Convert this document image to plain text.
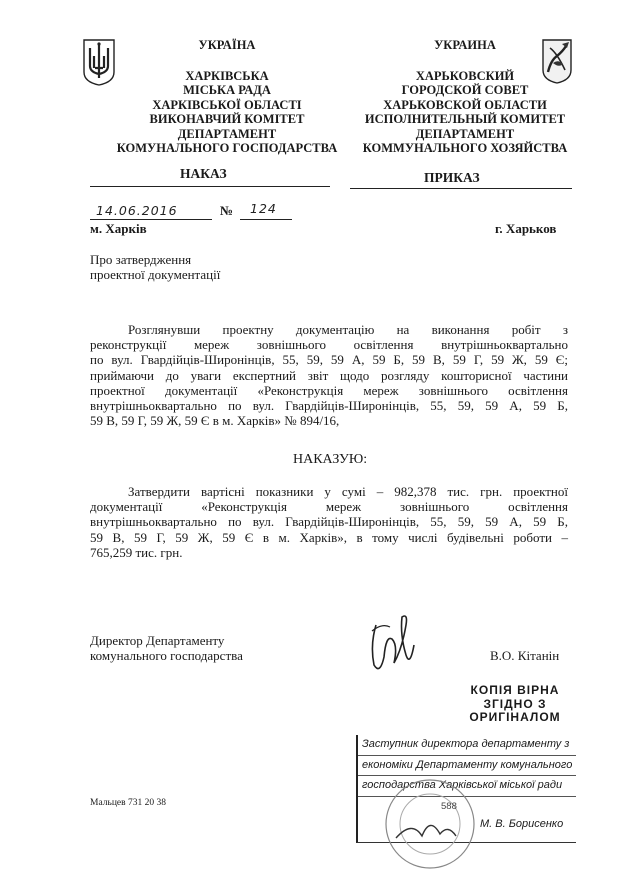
УКРАЇНА
ХАРКІВСЬКА
МІСЬКА РАДА
ХАРКІВСЬКОЇ ОБЛАСТІ
ВИКОНАВЧИЙ КОМІТЕТ
ДЕПАРТАМЕНТ
КОМУНАЛЬНОГО ГОСПОДАРСТВА
УКРАИНА
ХАРЬКОВСКИЙ
ГОРОДСКОЙ СОВЕТ
ХАРЬКОВСКОЙ ОБЛАСТИ
ИСПОЛНИТЕЛЬНЫЙ КОМИТЕТ
ДЕПАРТАМЕНТ
КОММУНАЛЬНОГО ХОЗЯЙСТВА
НАКАЗ	ПРИКАЗ
14.06.2016	№ 124
м. Харків	г. Харьков
Про затвердження
проектної документації
Розглянувши проектну документацію на виконання робіт з
реконструкції мереж зовнішнього освітлення внутрішньоквартально
по вул. Гвардійців-Широнінців, 55, 59, 59 А, 59 Б, 59 В, 59 Г, 59 Ж, 59 Є;
приймаючи до уваги експертний звіт щодо розгляду кошторисної частини
проектної документації «Реконструкція мереж зовнішнього освітлення
внутрішньоквартально по вул. Гвардійців-Широнінців, 55, 59, 59 А, 59 Б,
59 В, 59 Г, 59 Ж, 59 Є в м. Харків» № 894/16,
НАКАЗУЮ:
Затвердити вартісні показники у сумі – 982,378 тис. грн. проектної
документації «Реконструкція мереж зовнішнього освітлення
внутрішньоквартально по вул. Гвардійців-Широнінців, 55, 59, 59 А, 59 Б,
59 В, 59 Г, 59 Ж, 59 Є в м. Харків», в тому числі будівельні роботи –
765,259 тис. грн.
Директор Департаменту
комунального господарства	В.О. Кітанін
КОПІЯ ВІРНА
ЗГІДНО З
ОРИГІНАЛОМ
Заступник директора департаменту з
економіки Департаменту комунального
господарства Харківської міської ради
М. В. Борисенко
588
Мальцев 731 20 38
